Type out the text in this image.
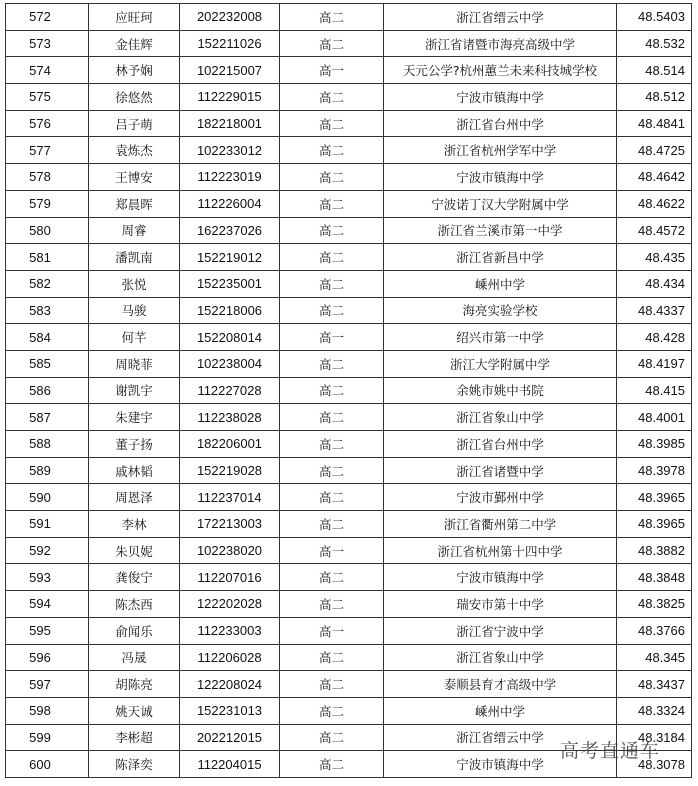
572	应旺珂	202232008	高二	浙江省缙云中学	48.5403
573	金佳辉	152211026	高二	浙江省诸暨市海亮高级中学	48.532
574	林予娴	102215007	高一	天元公学?杭州蕙兰未来科技城学校	48.514
575	徐悠然	112229015	高二	宁波市镇海中学	48.512
576	吕子萌	182218001	高二	浙江省台州中学	48.4841
577	袁炼杰	102233012	高二	浙江省杭州学军中学	48.4725
578	王博安	112223019	高二	宁波市镇海中学	48.4642
579	郑晨晖	112226004	高二	宁波诺丁汉大学附属中学	48.4622
580	周睿	162237026	高二	浙江省兰溪市第一中学	48.4572
581	潘凯南	152219012	高二	浙江省新昌中学	48.435
582	张悦	152235001	高二	嵊州中学	48.434
583	马骏	152218006	高二	海亮实验学校	48.4337
584	何芊	152208014	高一	绍兴市第一中学	48.428
585	周晓菲	102238004	高二	浙江大学附属中学	48.4197
586	谢凯宇	112227028	高二	余姚市姚中书院	48.415
587	朱建宇	112238028	高二	浙江省象山中学	48.4001
588	董子扬	182206001	高二	浙江省台州中学	48.3985
589	戚林韬	152219028	高二	浙江省诸暨中学	48.3978
590	周恩泽	112237014	高二	宁波市鄞州中学	48.3965
591	李林	172213003	高二	浙江省衢州第二中学	48.3965
592	朱贝妮	102238020	高一	浙江省杭州第十四中学	48.3882
593	龚俊宁	112207016	高二	宁波市镇海中学	48.3848
594	陈杰西	122202028	高二	瑞安市第十中学	48.3825
595	俞闻乐	112233003	高一	浙江省宁波中学	48.3766
596	冯晟	112206028	高二	浙江省象山中学	48.345
597	胡陈亮	122208024	高二	泰顺县育才高级中学	48.3437
598	姚天诚	152231013	高二	嵊州中学	48.3324
599	李彬超	202212015	高二	浙江省缙云中学	48.3184
600	陈泽奕	112204015	高二	宁波市镇海中学	48.3078
高考直通车
